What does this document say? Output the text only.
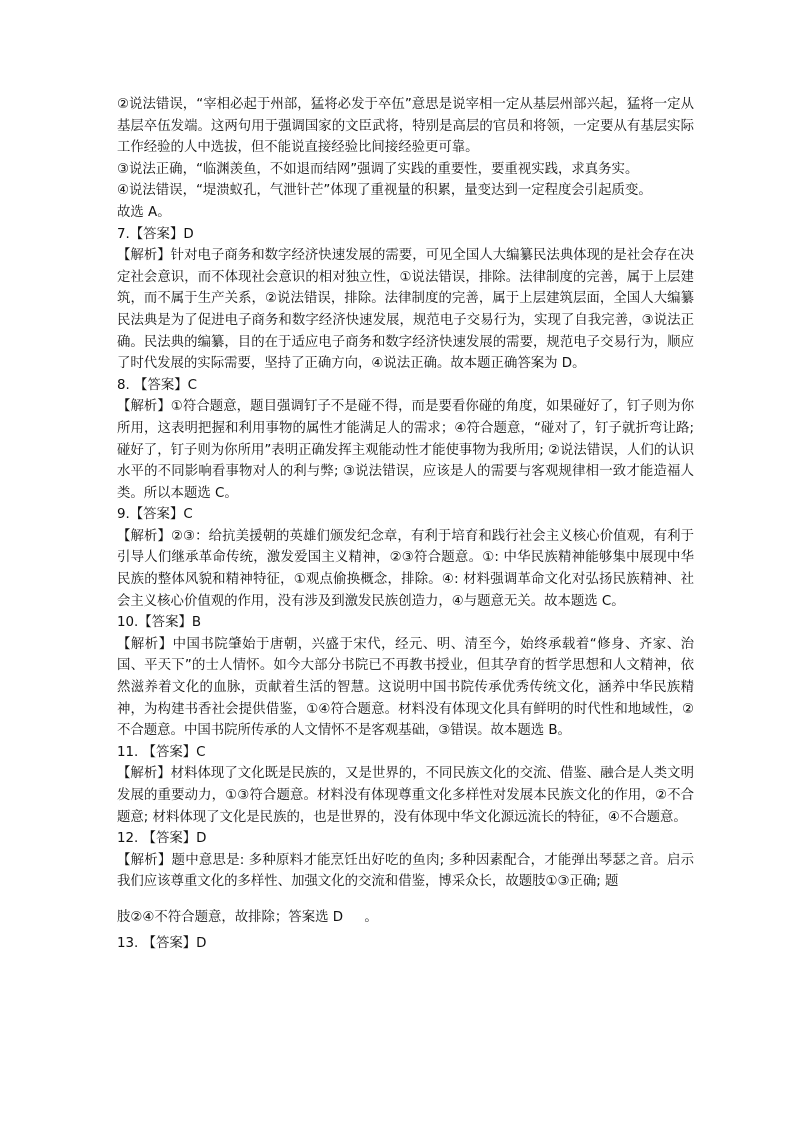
②说法错误，“宰相必起于州部，猛将必发于卒伍”意思是说宰相一定从基层州部兴起，猛将一定从基层卒伍发端。这两句用于强调国家的文臣武将，特别是高层的官员和将领，一定要从有基层实际工作经验的人中选拔，但不能说直接经验比间接经验更可靠。

③说法正确，“临渊羡鱼，不如退而结网”强调了实践的重要性，要重视实践，求真务实。

④说法错误，“堤溃蚁孔，气泄针芒”体现了重视量的积累，量变达到一定程度会引起质变。

故选 A。

7.【答案】D

【解析】针对电子商务和数字经济快速发展的需要，可见全国人大编纂民法典体现的是社会存在决定社会意识，而不体现社会意识的相对独立性，①说法错误，排除。法律制度的完善，属于上层建筑，而不属于生产关系，②说法错误，排除。法律制度的完善，属于上层建筑层面，全国人大编纂民法典是为了促进电子商务和数字经济快速发展，规范电子交易行为，实现了自我完善，③说法正确。民法典的编纂，目的在于适应电子商务和数字经济快速发展的需要，规范电子交易行为，顺应了时代发展的实际需要，坚持了正确方向，④说法正确。故本题正确答案为 D。

8. 【答案】C

【解析】①符合题意，题目强调钉子不是碰不得，而是要看你碰的角度，如果碰好了，钉子则为你所用，这表明把握和利用事物的属性才能满足人的需求；④符合题意，“碰对了，钉子就折弯让路;碰好了，钉子则为你所用”表明正确发挥主观能动性才能使事物为我所用; ②说法错误，人们的认识水平的不同影响看事物对人的利与弊; ③说法错误，应该是人的需要与客观规律相一致才能造福人类。所以本题选 C。

9.【答案】C

【解析】②③：给抗美援朝的英雄们颁发纪念章，有利于培育和践行社会主义核心价值观，有利于引导人们继承革命传统，激发爱国主义精神，②③符合题意。①: 中华民族精神能够集中展现中华民族的整体风貌和精神特征，①观点偷换概念，排除。④: 材料强调革命文化对弘扬民族精神、社会主义核心价值观的作用，没有涉及到激发民族创造力，④与题意无关。故本题选 C。

10.【答案】B

【解析】中国书院肇始于唐朝，兴盛于宋代，经元、明、清至今，始终承载着“修身、齐家、治国、平天下”的士人情怀。如今大部分书院已不再教书授业，但其孕育的哲学思想和人文精神，依然滋养着文化的血脉，贡献着生活的智慧。这说明中国书院传承优秀传统文化，涵养中华民族精神，为构建书香社会提供借鉴，①④符合题意。材料没有体现文化具有鲜明的时代性和地域性，②不合题意。中国书院所传承的人文情怀不是客观基础，③错误。故本题选 B。

11. 【答案】C

【解析】材料体现了文化既是民族的，又是世界的，不同民族文化的交流、借鉴、融合是人类文明发展的重要动力，①③符合题意。材料没有体现尊重文化多样性对发展本民族文化的作用，②不合题意; 材料体现了文化是民族的，也是世界的，没有体现中华文化源远流长的特征，④不合题意。

12. 【答案】D

【解析】题中意思是: 多种原料才能烹饪出好吃的鱼肉; 多种因素配合，才能弹出琴瑟之音。启示我们应该尊重文化的多样性、加强文化的交流和借鉴，博采众长，故题肢①③正确; 题

肢②④不符合题意，故排除；答案选 D     。

13. 【答案】D
